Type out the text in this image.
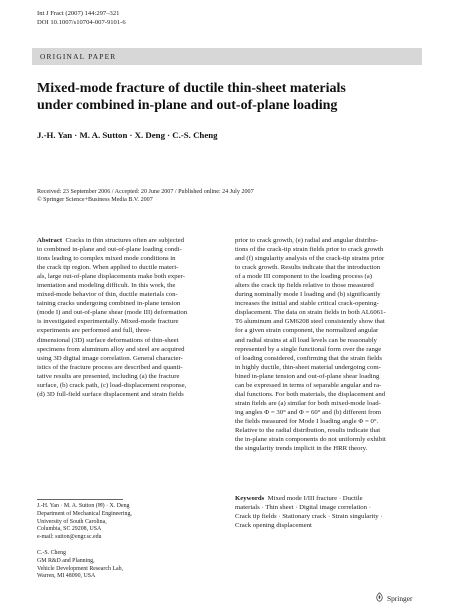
Int J Fract (2007) 144:297–321
DOI 10.1007/s10704-007-9101-6
ORIGINAL PAPER
Mixed-mode fracture of ductile thin-sheet materials
under combined in-plane and out-of-plane loading
J.-H. Yan · M. A. Sutton · X. Deng · C.-S. Cheng
Received: 23 September 2006 / Accepted: 20 June 2007 / Published online: 24 July 2007
© Springer Science+Business Media B.V. 2007
Abstract Cracks in thin structures often are subjected
to combined in-plane and out-of-plane loading condi-
tions leading to complex mixed mode conditions in
the crack tip region. When applied to ductile materi-
als, large out-of-plane displacements make both exper-
imentation and modeling difficult. In this work, the
mixed-mode behavior of thin, ductile materials con-
taining cracks undergoing combined in-plane tension
(mode I) and out-of-plane shear (mode III) deformation
is investigated experimentally. Mixed-mode fracture
experiments are performed and full, three-
dimensional (3D) surface deformations of thin-sheet
specimens from aluminum alloy and steel are acquired
using 3D digital image correlation. General character-
istics of the fracture process are described and quanti-
tative results are presented, including (a) the fracture
surface, (b) crack path, (c) load-displacement response,
(d) 3D full-field surface displacement and strain fields
J.-H. Yan · M. A. Sutton (✉) · X. Deng
Department of Mechanical Engineering,
University of South Carolina,
Columbia, SC 29208, USA
e-mail: sutton@engr.sc.edu
C.-S. Cheng
GM R&D and Planning,
Vehicle Development Research Lab,
Warren, MI 48090, USA
prior to crack growth, (e) radial and angular distribu-
tions of the crack-tip strain fields prior to crack growth
and (f) singularity analysis of the crack-tip strains prior
to crack growth. Results indicate that the introduction
of a mode III component to the loading process (a)
alters the crack tip fields relative to those measured
during nominally mode I loading and (b) significantly
increases the initial and stable critical crack-opening-
displacement. The data on strain fields in both AL6061-
T6 aluminum and GM6208 steel consistently show that
for a given strain component, the normalized angular
and radial strains at all load levels can be reasonably
represented by a single functional form over the range
of loading considered, confirming that the strain fields
in highly ductile, thin-sheet material undergoing com-
bined in-plane tension and out-of-plane shear loading
can be expressed in terms of separable angular and ra-
dial functions. For both materials, the displacement and
strain fields are (a) similar for both mixed-mode load-
ing angles Φ = 30° and Φ = 60° and (b) different from
the fields measured for Mode I loading angle Φ = 0°.
Relative to the radial distribution, results indicate that
the in-plane strain components do not uniformly exhibit
the singularity trends implicit in the HRR theory.
Keywords Mixed mode I/III fracture · Ductile
materials · Thin sheet · Digital image correlation ·
Crack tip fields · Stationary crack · Strain singularity ·
Crack opening displacement
Springer
